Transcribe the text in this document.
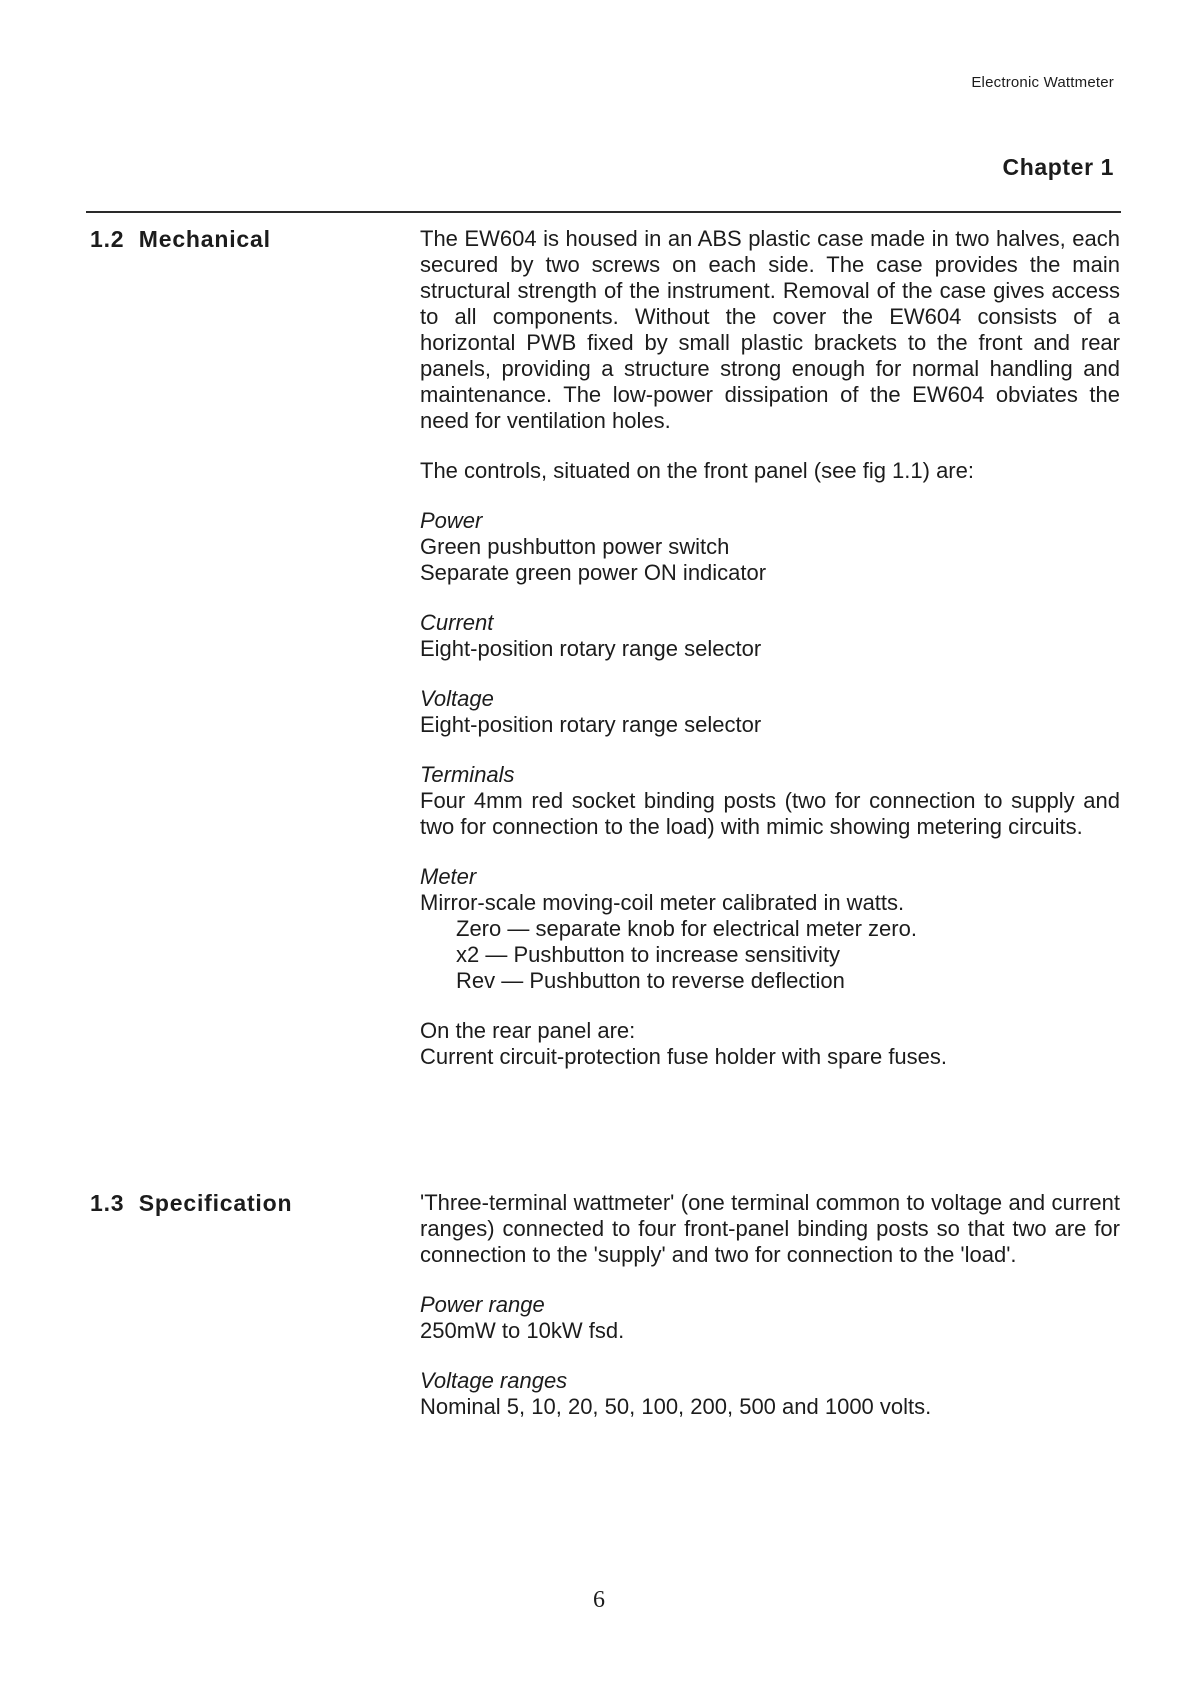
Electronic Wattmeter
Chapter 1
1.2 Mechanical	The EW604 is housed in an ABS plastic case made in two halves, each secured by two screws on each side. The case provides the main structural strength of the instrument. Removal of the case gives access to all components. Without the cover the EW604 consists of a horizontal PWB fixed by small plastic brackets to the front and rear panels, providing a structure strong enough for normal handling and maintenance. The low-power dissipation of the EW604 obviates the need for ventilation holes.

The controls, situated on the front panel (see fig 1.1) are:

Power
Green pushbutton power switch
Separate green power ON indicator
Current
Eight-position rotary range selector
Voltage
Eight-position rotary range selector
Terminals
Four 4mm red socket binding posts (two for connection to supply and two for connection to the load) with mimic showing metering circuits.
Meter
Mirror-scale moving-coil meter calibrated in watts.
Zero — separate knob for electrical meter zero.
x2 — Pushbutton to increase sensitivity
Rev — Pushbutton to reverse deflection
On the rear panel are:
Current circuit-protection fuse holder with spare fuses.
1.3 Specification	'Three-terminal wattmeter' (one terminal common to voltage and current ranges) connected to four front-panel binding posts so that two are for connection to the 'supply' and two for connection to the 'load'.

Power range
250mW to 10kW fsd.
Voltage ranges
Nominal 5, 10, 20, 50, 100, 200, 500 and 1000 volts.
6
